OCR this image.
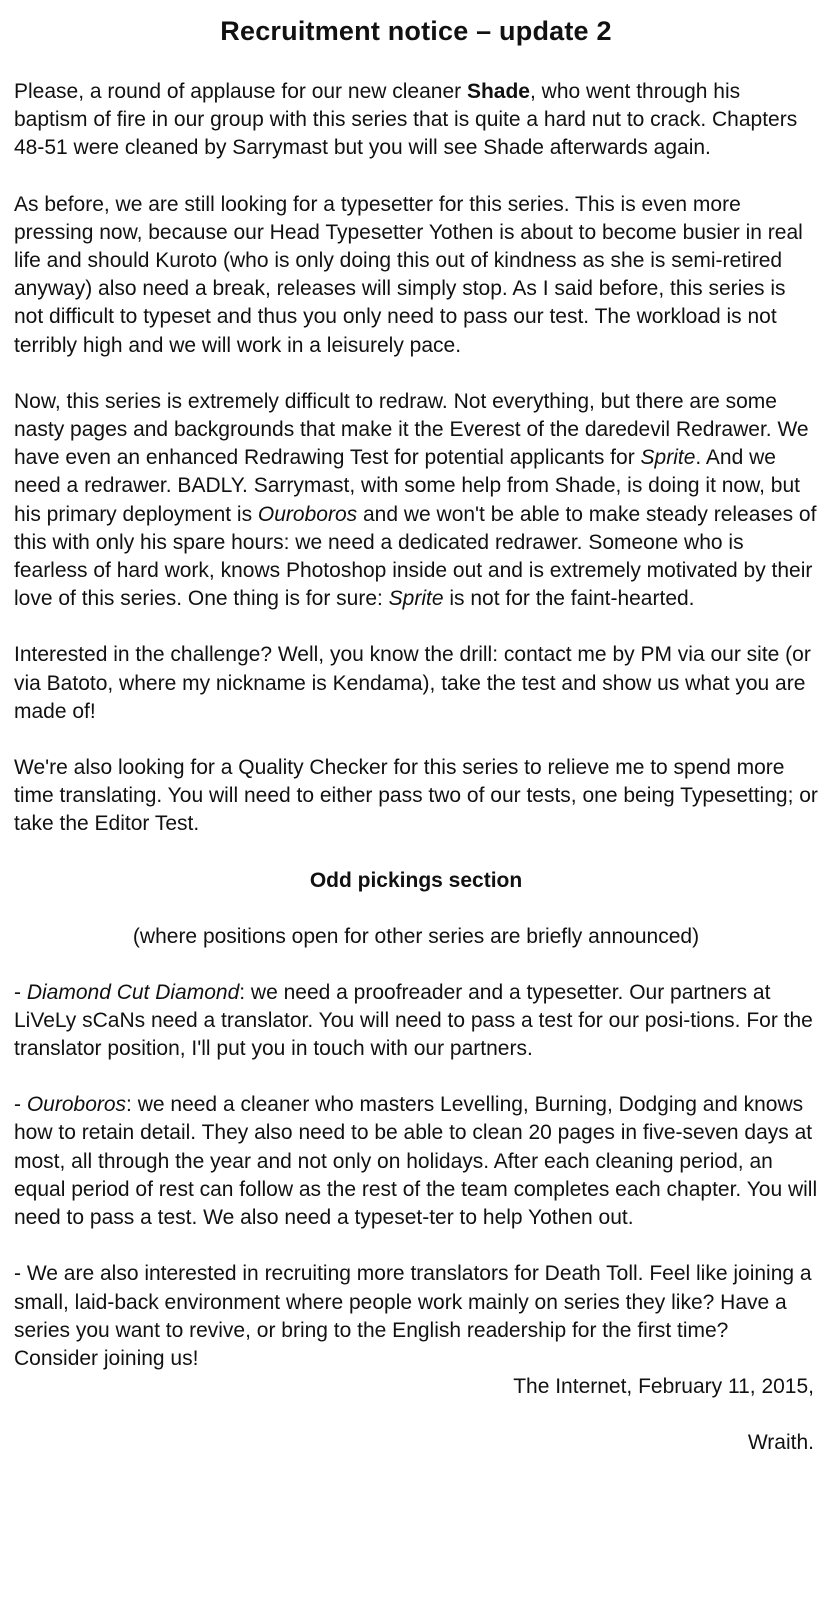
Recruitment notice – update 2

Please, a round of applause for our new cleaner Shade, who went through his baptism of fire in our group with this series that is quite a hard nut to crack. Chapters 48-51 were cleaned by Sarrymast but you will see Shade afterwards again.

As before, we are still looking for a typesetter for this series. This is even more pressing now, because our Head Typesetter Yothen is about to become busier in real life and should Kuroto (who is only doing this out of kindness as she is semi-retired anyway) also need a break, releases will simply stop. As I said before, this series is not difficult to typeset and thus you only need to pass our test. The workload is not terribly high and we will work in a leisurely pace.

Now, this series is extremely difficult to redraw. Not everything, but there are some nasty pages and backgrounds that make it the Everest of the daredevil Redrawer. We have even an enhanced Redrawing Test for potential applicants for Sprite. And we need a redrawer. BADLY. Sarrymast, with some help from Shade, is doing it now, but his primary deployment is Ouroboros and we won't be able to make steady releases of this with only his spare hours: we need a dedicated redrawer. Someone who is fearless of hard work, knows Photoshop inside out and is extremely motivated by their love of this series. One thing is for sure: Sprite is not for the faint-hearted.

Interested in the challenge? Well, you know the drill: contact me by PM via our site (or via Batoto, where my nickname is Kendama), take the test and show us what you are made of!

We're also looking for a Quality Checker for this series to relieve me to spend more time translating. You will need to either pass two of our tests, one being Typesetting; or take the Editor Test.

Odd pickings section

(where positions open for other series are briefly announced)

- Diamond Cut Diamond: we need a proofreader and a typesetter. Our partners at LiVeLy sCaNs need a translator. You will need to pass a test for our posi-tions. For the translator position, I'll put you in touch with our partners.

- Ouroboros: we need a cleaner who masters Levelling, Burning, Dodging and knows how to retain detail. They also need to be able to clean 20 pages in five-seven days at most, all through the year and not only on holidays. After each cleaning period, an equal period of rest can follow as the rest of the team completes each chapter. You will need to pass a test. We also need a typeset-ter to help Yothen out.

- We are also interested in recruiting more translators for Death Toll. Feel like joining a small, laid-back environment where people work mainly on series they like? Have a series you want to revive, or bring to the English readership for the first time? Consider joining us!

The Internet, February 11, 2015,

Wraith.
